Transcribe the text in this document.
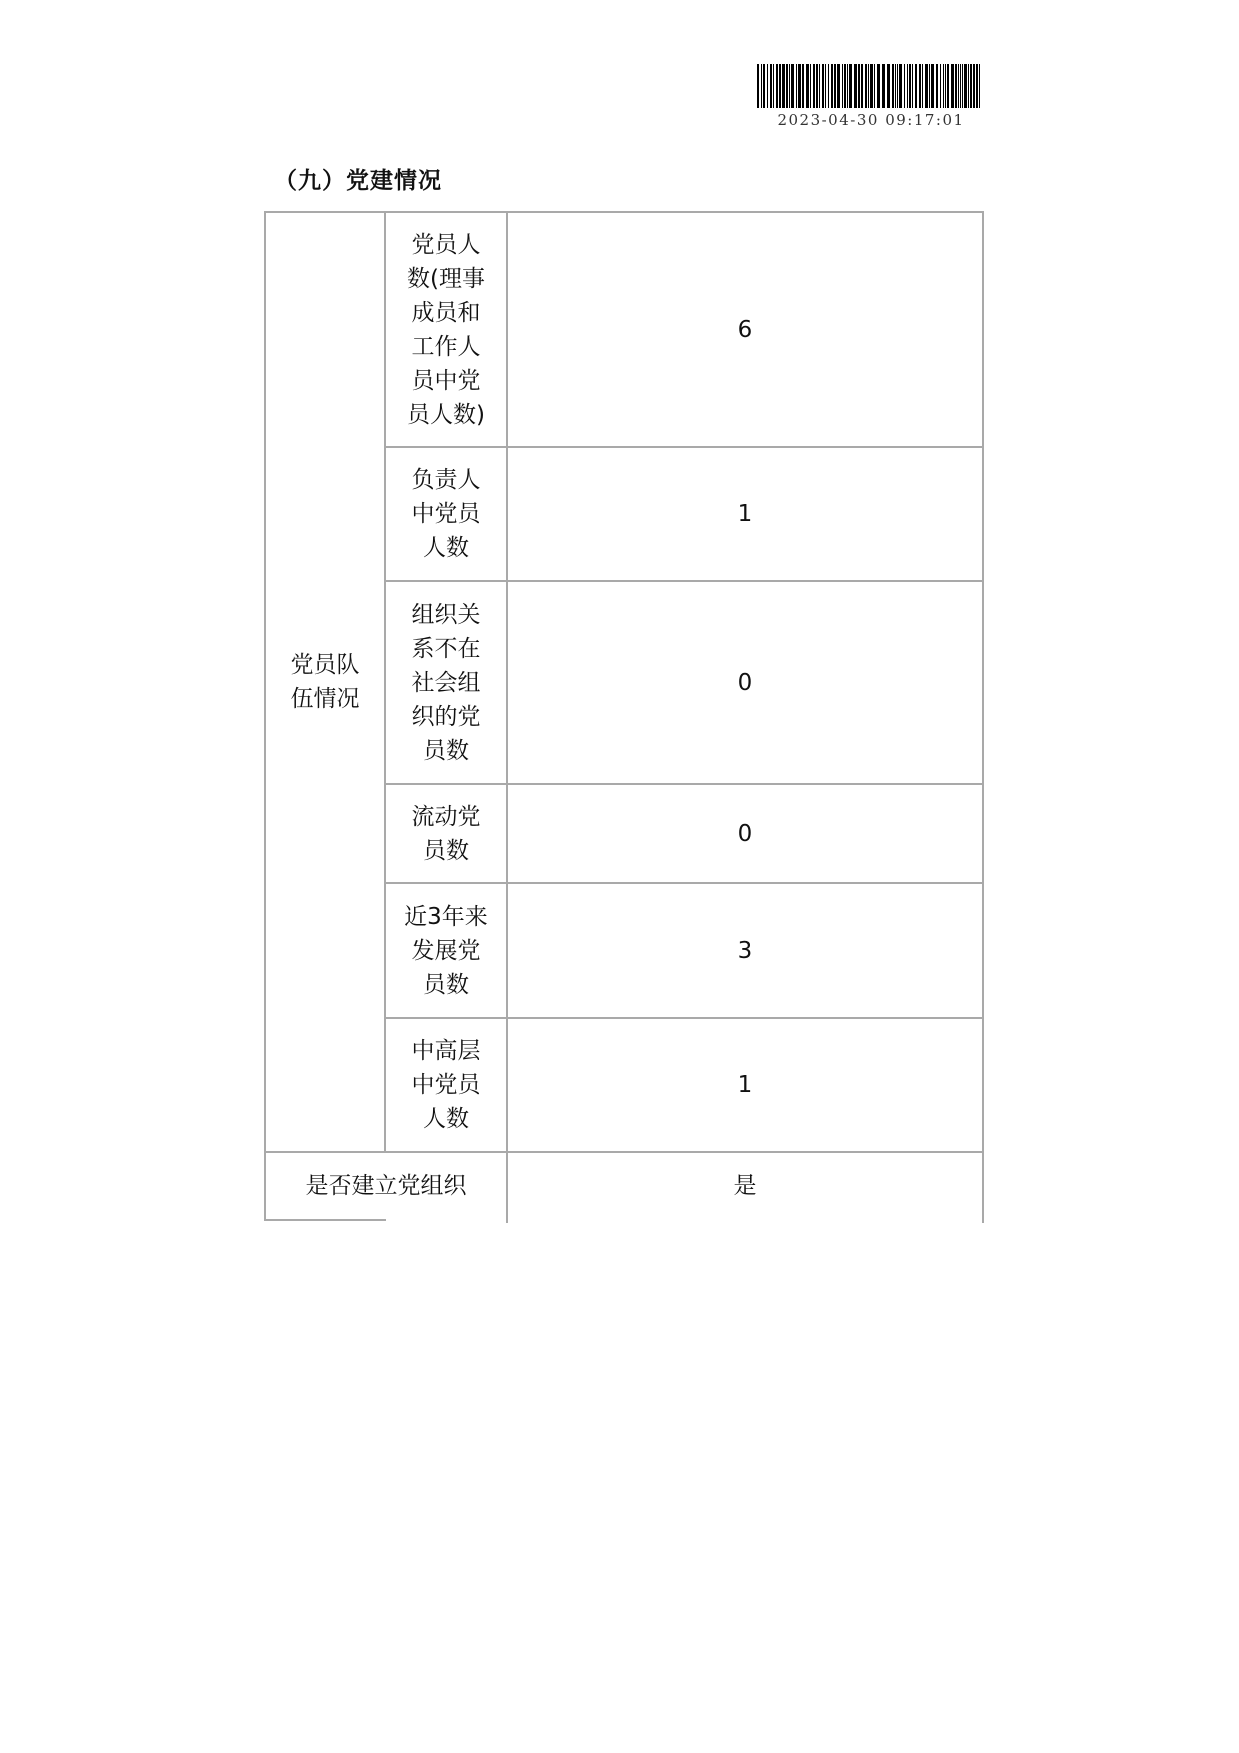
2023-04-30 09:17:01
（九）党建情况
党员队伍情况
党员人数(理事成员和工作人员中党员人数)
6
负责人中党员人数
1
组织关系不在社会组织的党员数
0
流动党员数
0
近3年来发展党员数
3
中高层中党员人数
1
是否建立党组织	是
